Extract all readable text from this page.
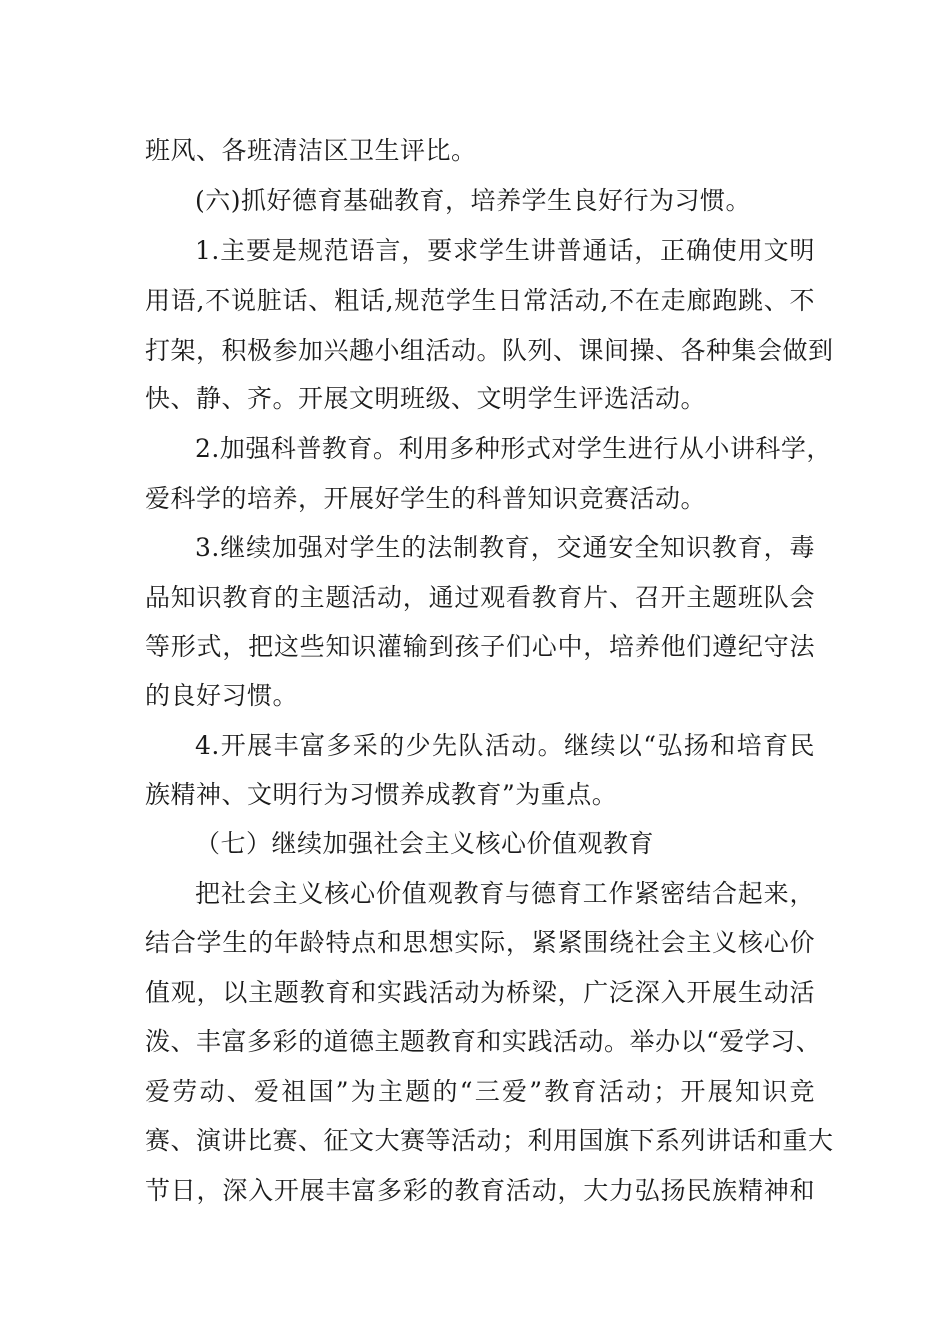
班风、各班清洁区卫生评比。
(六)抓好德育基础教育，培养学生良好行为习惯。
1.主要是规范语言，要求学生讲普通话，正确使用文明
用语,不说脏话、粗话,规范学生日常活动,不在走廊跑跳、不
打架，积极参加兴趣小组活动。队列、课间操、各种集会做到
快、静、齐。开展文明班级、文明学生评选活动。
2.加强科普教育。利用多种形式对学生进行从小讲科学，
爱科学的培养，开展好学生的科普知识竞赛活动。
3.继续加强对学生的法制教育，交通安全知识教育，毒
品知识教育的主题活动，通过观看教育片、召开主题班队会
等形式，把这些知识灌输到孩子们心中，培养他们遵纪守法
的良好习惯。
4.开展丰富多采的少先队活动。继续以“弘扬和培育民
族精神、文明行为习惯养成教育”为重点。
（七）继续加强社会主义核心价值观教育
把社会主义核心价值观教育与德育工作紧密结合起来，
结合学生的年龄特点和思想实际，紧紧围绕社会主义核心价
值观，以主题教育和实践活动为桥梁，广泛深入开展生动活
泼、丰富多彩的道德主题教育和实践活动。举办以“爱学习、
爱劳动、爱祖国”为主题的“三爱”教育活动；开展知识竞
赛、演讲比赛、征文大赛等活动；利用国旗下系列讲话和重大
节日，深入开展丰富多彩的教育活动，大力弘扬民族精神和
